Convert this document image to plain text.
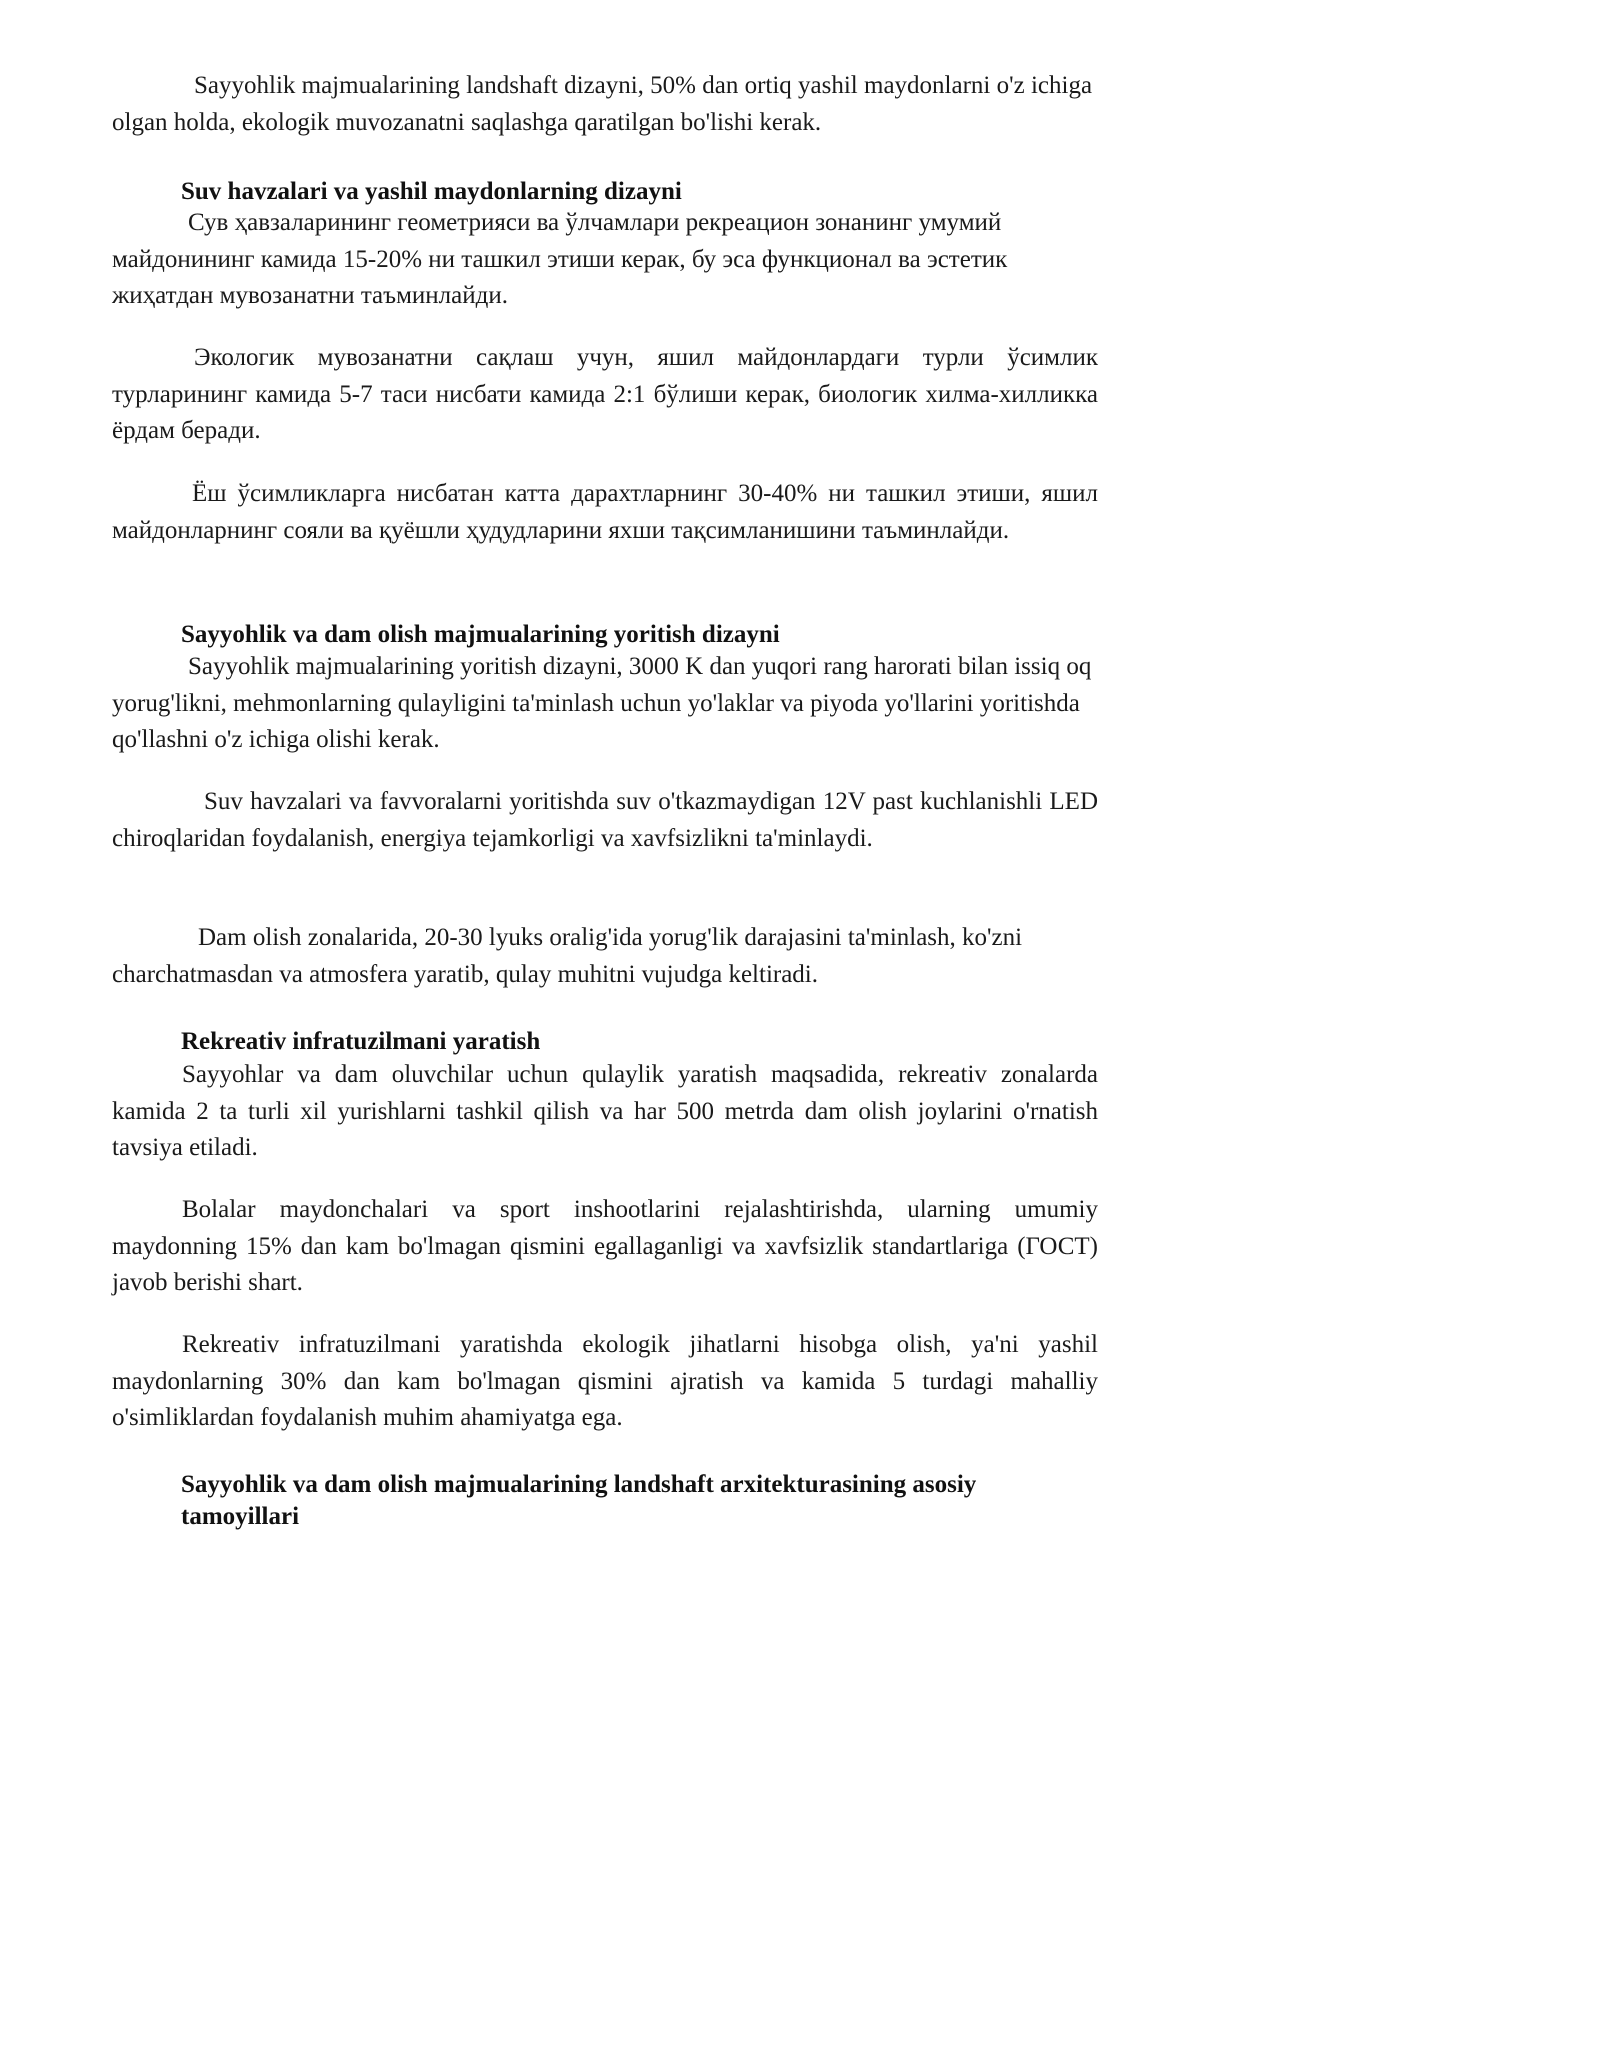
Sayyohlik majmualarining landshaft dizayni, 50% dan ortiq yashil maydonlarni o'z ichiga olgan holda, ekologik muvozanatni saqlashga qaratilgan bo'lishi kerak.

Suv havzalari va yashil maydonlarning dizayni

Сув ҳавзаларининг геометрияси ва ўлчамлари рекреацион зонанинг умумий майдонининг камида 15-20% ни ташкил этиши керак, бу эса функционал ва эстетик жиҳатдан мувозанатни таъминлайди.

Экологик мувозанатни сақлаш учун, яшил майдонлардаги турли ўсимлик турларининг камида 5-7 таси нисбати камида 2:1 бўлиши керак, биологик хилма-хилликка ёрдам беради.

Ёш ўсимликларга нисбатан катта дарахтларнинг 30-40% ни ташкил этиши, яшил майдонларнинг сояли ва қуёшли ҳудудларини яхши тақсимланишини таъминлайди.

Sayyohlik va dam olish majmualarining yoritish dizayni

Sayyohlik majmualarining yoritish dizayni, 3000 K dan yuqori rang harorati bilan issiq oq yorug'likni, mehmonlarning qulayligini ta'minlash uchun yo'laklar va piyoda yo'llarini yoritishda qo'llashni o'z ichiga olishi kerak.

Suv havzalari va favvoralarni yoritishda suv o'tkazmaydigan 12V past kuchlanishli LED chiroqlaridan foydalanish, energiya tejamkorligi va xavfsizlikni ta'minlaydi.

Dam olish zonalarida, 20-30 lyuks oralig'ida yorug'lik darajasini ta'minlash, ko'zni charchatmasdan va atmosfera yaratib, qulay muhitni vujudga keltiradi.

Rekreativ infratuzilmani yaratish

Sayyohlar va dam oluvchilar uchun qulaylik yaratish maqsadida, rekreativ zonalarda kamida 2 ta turli xil yurishlarni tashkil qilish va har 500 metrda dam olish joylarini o'rnatish tavsiya etiladi.

Bolalar maydonchalari va sport inshootlarini rejalashtirishda, ularning umumiy maydonning 15% dan kam bo'lmagan qismini egallaganligi va xavfsizlik standartlariga (ГОСТ) javob berishi shart.

Rekreativ infratuzilmani yaratishda ekologik jihatlarni hisobga olish, ya'ni yashil maydonlarning 30% dan kam bo'lmagan qismini ajratish va kamida 5 turdagi mahalliy o'simliklardan foydalanish muhim ahamiyatga ega.

Sayyohlik va dam olish majmualarining landshaft arxitekturasining asosiy tamoyillari
